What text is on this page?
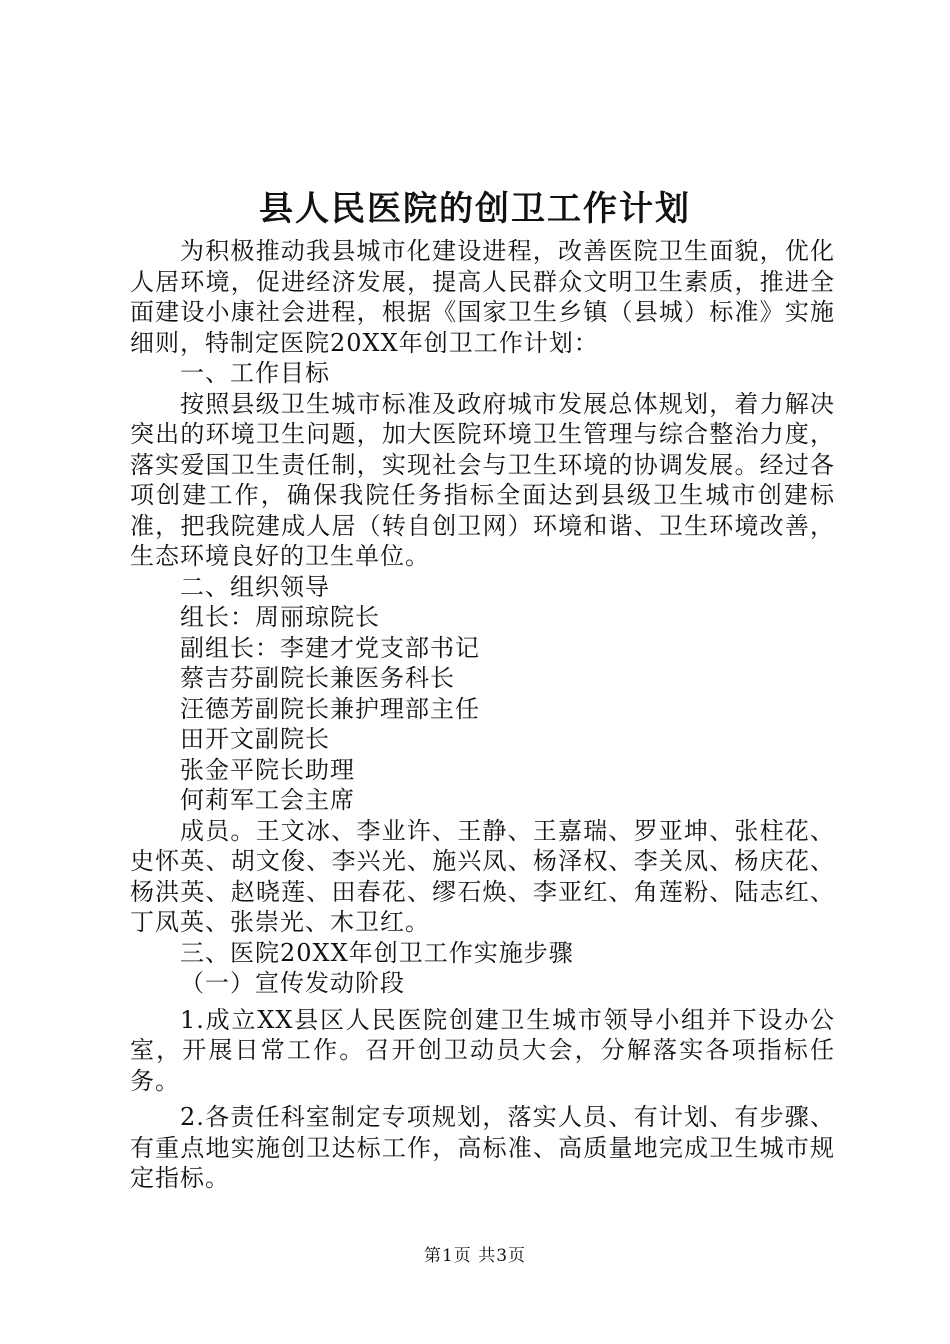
县人民医院的创卫工作计划

为积极推动我县城市化建设进程，改善医院卫生面貌，优化人居环境，促进经济发展，提高人民群众文明卫生素质，推进全面建设小康社会进程，根据《国家卫生乡镇（县城）标准》实施细则，特制定医院20XX年创卫工作计划：

一、工作目标

按照县级卫生城市标准及政府城市发展总体规划，着力解决突出的环境卫生问题，加大医院环境卫生管理与综合整治力度，落实爱国卫生责任制，实现社会与卫生环境的协调发展。经过各项创建工作，确保我院任务指标全面达到县级卫生城市创建标准，把我院建成人居（转自创卫网）环境和谐、卫生环境改善，生态环境良好的卫生单位。

二、组织领导

组长：周丽琼院长

副组长：李建才党支部书记

蔡吉芬副院长兼医务科长

汪德芳副院长兼护理部主任

田开文副院长

张金平院长助理

何莉军工会主席

成员。王文冰、李业许、王静、王嘉瑞、罗亚坤、张柱花、史怀英、胡文俊、李兴光、施兴凤、杨泽权、李关凤、杨庆花、杨洪英、赵晓莲、田春花、缪石焕、李亚红、角莲粉、陆志红、丁凤英、张崇光、木卫红。

三、医院20XX年创卫工作实施步骤

（一）宣传发动阶段

1.成立XX县区人民医院创建卫生城市领导小组并下设办公室，开展日常工作。召开创卫动员大会，分解落实各项指标任务。

2.各责任科室制定专项规划，落实人员、有计划、有步骤、有重点地实施创卫达标工作，高标准、高质量地完成卫生城市规定指标。

第1页 共3页
